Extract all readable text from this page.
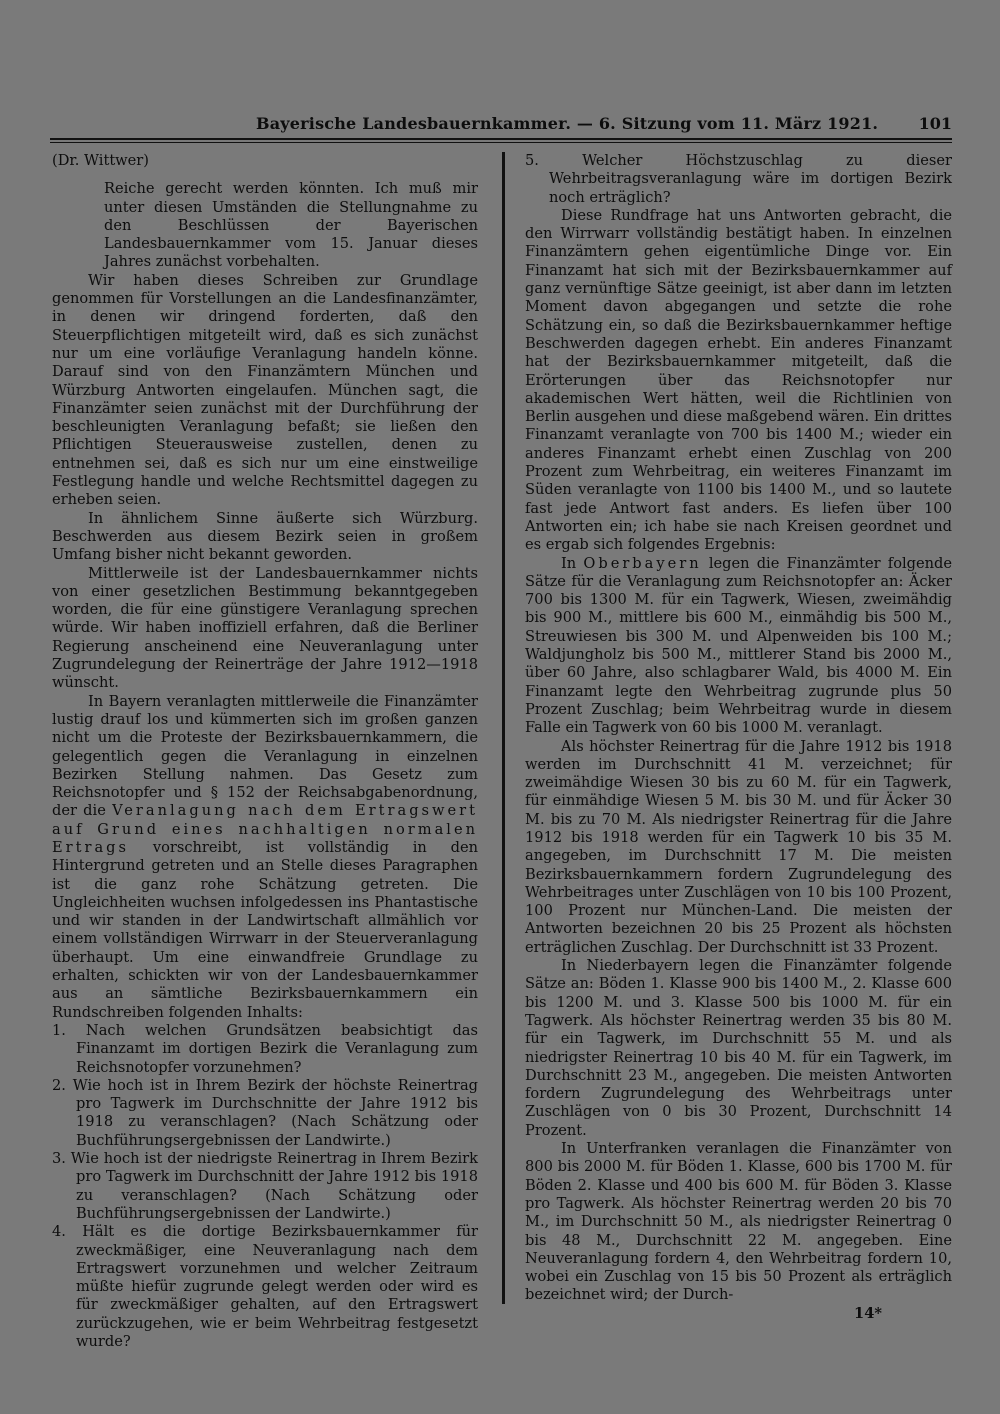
Bayerische Landesbauernkammer. — 6. Sitzung vom 11. März 1921.	101

(Dr. Wittwer)

Reiche gerecht werden könnten. Ich muß mir unter diesen Umständen die Stellungnahme zu den Beschlüssen der Bayerischen Landesbauernkammer vom 15. Januar dieses Jahres zunächst vorbehalten.

Wir haben dieses Schreiben zur Grundlage genommen für Vorstellungen an die Landesfinanzämter, in denen wir dringend forderten, daß den Steuerpflichtigen mitgeteilt wird, daß es sich zunächst nur um eine vorläufige Veranlagung handeln könne. Darauf sind von den Finanzämtern München und Würzburg Antworten eingelaufen. München sagt, die Finanzämter seien zunächst mit der Durchführung der beschleunigten Veranlagung befaßt; sie ließen den Pflichtigen Steuerausweise zustellen, denen zu entnehmen sei, daß es sich nur um eine einstweilige Festlegung handle und welche Rechtsmittel dagegen zu erheben seien.

In ähnlichem Sinne äußerte sich Würzburg. Beschwerden aus diesem Bezirk seien in großem Umfang bisher nicht bekannt geworden.

Mittlerweile ist der Landesbauernkammer nichts von einer gesetzlichen Bestimmung bekanntgegeben worden, die für eine günstigere Veranlagung sprechen würde. Wir haben inoffiziell erfahren, daß die Berliner Regierung anscheinend eine Neuveranlagung unter Zugrundelegung der Reinerträge der Jahre 1912—1918 wünscht.

In Bayern veranlagten mittlerweile die Finanzämter lustig drauf los und kümmerten sich im großen ganzen nicht um die Proteste der Bezirksbauernkammern, die gelegentlich gegen die Veranlagung in einzelnen Bezirken Stellung nahmen. Das Gesetz zum Reichsnotopfer und § 152 der Reichsabgabenordnung, der die Veranlagung nach dem Ertragswert auf Grund eines nachhaltigen normalen Ertrags vorschreibt, ist vollständig in den Hintergrund getreten und an Stelle dieses Paragraphen ist die ganz rohe Schätzung getreten. Die Ungleichheiten wuchsen infolgedessen ins Phantastische und wir standen in der Landwirtschaft allmählich vor einem vollständigen Wirrwarr in der Steuerveranlagung überhaupt. Um eine einwandfreie Grundlage zu erhalten, schickten wir von der Landesbauernkammer aus an sämtliche Bezirksbauernkammern ein Rundschreiben folgenden Inhalts:

1. Nach welchen Grundsätzen beabsichtigt das Finanzamt im dortigen Bezirk die Veranlagung zum Reichsnotopfer vorzunehmen?

2. Wie hoch ist in Ihrem Bezirk der höchste Reinertrag pro Tagwerk im Durchschnitte der Jahre 1912 bis 1918 zu veranschlagen? (Nach Schätzung oder Buchführungsergebnissen der Landwirte.)

3. Wie hoch ist der niedrigste Reinertrag in Ihrem Bezirk pro Tagwerk im Durchschnitt der Jahre 1912 bis 1918 zu veranschlagen? (Nach Schätzung oder Buchführungsergebnissen der Landwirte.)

4. Hält es die dortige Bezirksbauernkammer für zweckmäßiger, eine Neuveranlagung nach dem Ertragswert vorzunehmen und welcher Zeitraum müßte hiefür zugrunde gelegt werden oder wird es für zweckmäßiger gehalten, auf den Ertragswert zurückzugehen, wie er beim Wehrbeitrag festgesetzt wurde?

5. Welcher Höchstzuschlag zu dieser Wehrbeitragsveranlagung wäre im dortigen Bezirk noch erträglich?

Diese Rundfrage hat uns Antworten gebracht, die den Wirrwarr vollständig bestätigt haben. In einzelnen Finanzämtern gehen eigentümliche Dinge vor. Ein Finanzamt hat sich mit der Bezirksbauernkammer auf ganz vernünftige Sätze geeinigt, ist aber dann im letzten Moment davon abgegangen und setzte die rohe Schätzung ein, so daß die Bezirksbauernkammer heftige Beschwerden dagegen erhebt. Ein anderes Finanzamt hat der Bezirksbauernkammer mitgeteilt, daß die Erörterungen über das Reichsnotopfer nur akademischen Wert hätten, weil die Richtlinien von Berlin ausgehen und diese maßgebend wären. Ein drittes Finanzamt veranlagte von 700 bis 1400 M.; wieder ein anderes Finanzamt erhebt einen Zuschlag von 200 Prozent zum Wehrbeitrag, ein weiteres Finanzamt im Süden veranlagte von 1100 bis 1400 M., und so lautete fast jede Antwort fast anders. Es liefen über 100 Antworten ein; ich habe sie nach Kreisen geordnet und es ergab sich folgendes Ergebnis:

In Oberbayern legen die Finanzämter folgende Sätze für die Veranlagung zum Reichsnotopfer an: Äcker 700 bis 1300 M. für ein Tagwerk, Wiesen, zweimähdig bis 900 M., mittlere bis 600 M., einmähdig bis 500 M., Streuwiesen bis 300 M. und Alpenweiden bis 100 M.; Waldjungholz bis 500 M., mittlerer Stand bis 2000 M., über 60 Jahre, also schlagbarer Wald, bis 4000 M. Ein Finanzamt legte den Wehrbeitrag zugrunde plus 50 Prozent Zuschlag; beim Wehrbeitrag wurde in diesem Falle ein Tagwerk von 60 bis 1000 M. veranlagt.

Als höchster Reinertrag für die Jahre 1912 bis 1918 werden im Durchschnitt 41 M. verzeichnet; für zweimähdige Wiesen 30 bis zu 60 M. für ein Tagwerk, für einmähdige Wiesen 5 M. bis 30 M. und für Äcker 30 M. bis zu 70 M. Als niedrigster Reinertrag für die Jahre 1912 bis 1918 werden für ein Tagwerk 10 bis 35 M. angegeben, im Durchschnitt 17 M. Die meisten Bezirksbauernkammern fordern Zugrundelegung des Wehrbeitrages unter Zuschlägen von 10 bis 100 Prozent, 100 Prozent nur München-Land. Die meisten der Antworten bezeichnen 20 bis 25 Prozent als höchsten erträglichen Zuschlag. Der Durchschnitt ist 33 Prozent.

In Niederbayern legen die Finanzämter folgende Sätze an: Böden 1. Klasse 900 bis 1400 M., 2. Klasse 600 bis 1200 M. und 3. Klasse 500 bis 1000 M. für ein Tagwerk. Als höchster Reinertrag werden 35 bis 80 M. für ein Tagwerk, im Durchschnitt 55 M. und als niedrigster Reinertrag 10 bis 40 M. für ein Tagwerk, im Durchschnitt 23 M., angegeben. Die meisten Antworten fordern Zugrundelegung des Wehrbeitrags unter Zuschlägen von 0 bis 30 Prozent, Durchschnitt 14 Prozent.

In Unterfranken veranlagen die Finanzämter von 800 bis 2000 M. für Böden 1. Klasse, 600 bis 1700 M. für Böden 2. Klasse und 400 bis 600 M. für Böden 3. Klasse pro Tagwerk. Als höchster Reinertrag werden 20 bis 70 M., im Durchschnitt 50 M., als niedrigster Reinertrag 0 bis 48 M., Durchschnitt 22 M. angegeben. Eine Neuveranlagung fordern 4, den Wehrbeitrag fordern 10, wobei ein Zuschlag von 15 bis 50 Prozent als erträglich bezeichnet wird; der Durch-

14*
